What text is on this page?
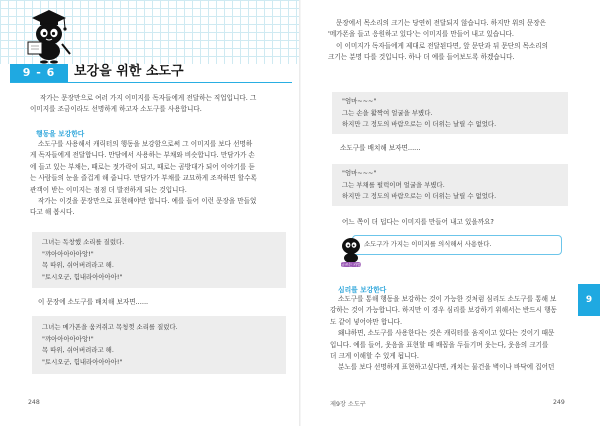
9 - 6	보강을 위한 소도구
작가는 문장만으로 여러 가지 이미지를 독자들에게 전달하는 직업입니다. 그
이미지를 조금이라도 선명하게 하고자 소도구를 사용합니다.
행동을 보강한다
소도구를 사용해서 캐릭터의 행동을 보강함으로써 그 이미지를 보다 선명하
게 독자들에게 전달합니다. 만담에서 사용하는 부채와 비슷합니다. 만담가가 손
에 들고 있는 부채는, 때로는 젓가락이 되고, 때로는 곰방대가 되어 이야기를 듣
는 사람들의 눈을 즐겁게 해 줍니다. 만담가가 부채를 교묘하게 조작하면 할수록
관객이 받는 이미지는 점점 더 발전하게 되는 것입니다.
작가는 이것을 문장만으로 표현해야만 합니다. 예를 들어 이런 문장을 만들었
다고 해 봅시다.

그녀는 독창했 소리를 질렀다.

"꺄아아아아아앙!"

목 따위, 쉬어버려라고 해.

"토시오군, 힘내라아아아아!"

이 문장에 소도구를 배치해 보자면......

그녀는 메가폰을 움켜쥐고 목청껏 소리를 질렀다.

"꺄아아아아아앙!"

목 따위, 쉬어버려라고 해.

"토시오군, 힘내라아아아아!"

248
문장에서 목소리의 크기는 당연히 전달되지 않습니다. 하지만 위의 문장은
'메가폰을 들고 응원하고 있다'는 이미지를 만들어 내고 있습니다.
이 이미지가 독자들에게 제대로 전달된다면, 앞 문단과 뒤 문단의 목소리의
크기는 분명 다를 것입니다. 하나 더 예를 들어보도록 하겠습니다.

"엄마~~~"

그는 손을 활짝여 얼굴을 부볐다.

하지만 그 정도의 바람으로는 이 더위는 날릴 수 없었다.

소도구를 배치해 보자면......

"엄마~~~"

그는 부채를 펄럭이며 얼굴을 부볐다.

하지만 그 정도의 바람으로는 이 더위는 날릴 수 없었다.

어느 쪽이 더 덥다는 이미지를 만들어 내고 있을까요?
글쓰는 카멜
소도구가 가지는 이미지를 의식해서 사용한다.
심리를 보강한다
소도구를 통해 행동을 보강하는 것이 가능한 것처럼 심리도 소도구를 통해 보
강하는 것이 가능합니다. 하지만 이 경우 심리를 보강하기 위해서는 반드시 행동
도 같이 넣어야만 합니다.
왜냐하면, 소도구를 사용한다는 것은 캐릭터를 움직이고 있다는 것이기 때문
입니다. 예를 들어, 웃음을 표현할 때 배꼽을 두들기며 웃는다, 웃음의 크기를
더 크게 이해할 수 있게 됩니다.
분노를 보다 선명하게 표현하고싶다면, 캐치는 물건을 벽이나 바닥에 집어던
9
제9장 소도구	249
